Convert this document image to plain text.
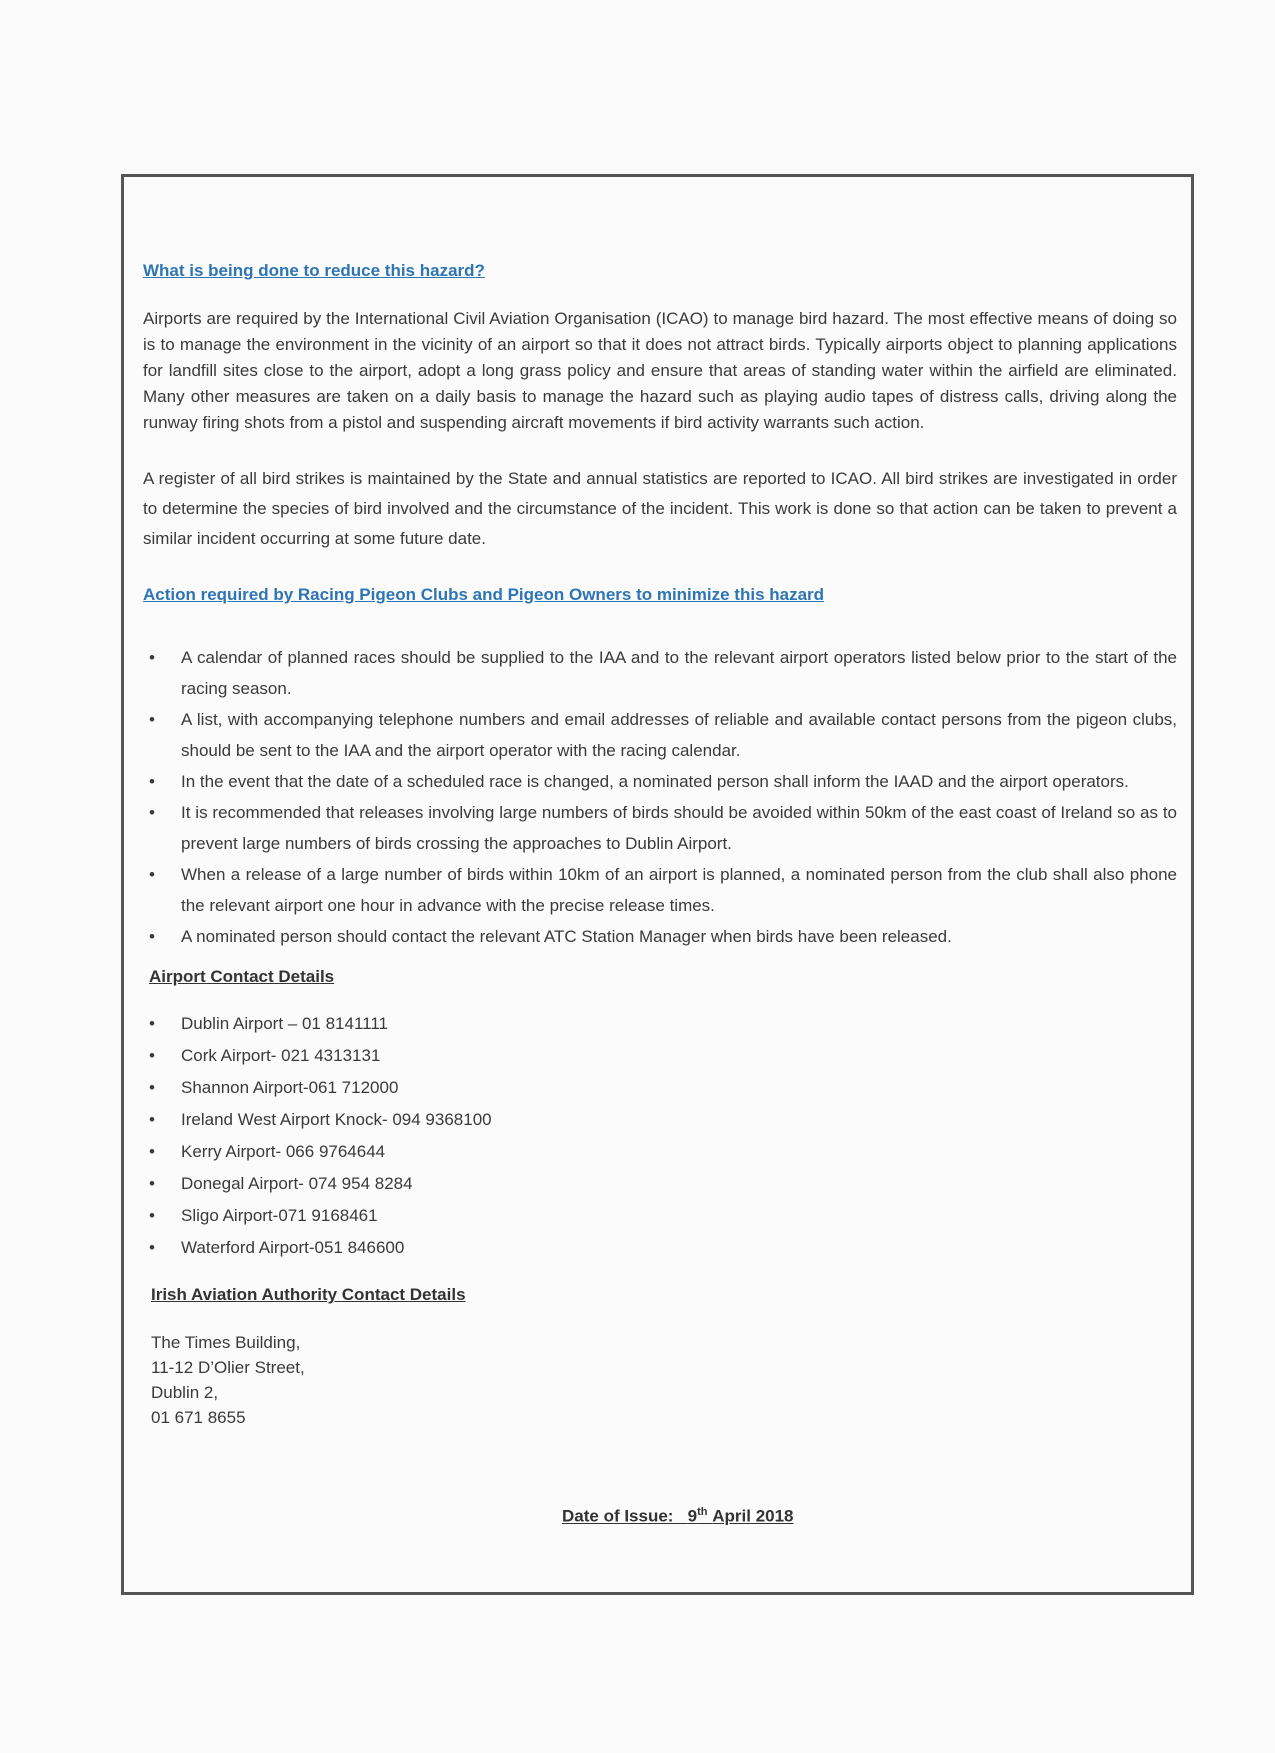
What is being done to reduce this hazard?

Airports are required by the International Civil Aviation Organisation (ICAO) to manage bird hazard. The most effective means of doing so is to manage the environment in the vicinity of an airport so that it does not attract birds. Typically airports object to planning applications for landfill sites close to the airport, adopt a long grass policy and ensure that areas of standing water within the airfield are eliminated. Many other measures are taken on a daily basis to manage the hazard such as playing audio tapes of distress calls, driving along the runway firing shots from a pistol and suspending aircraft movements if bird activity warrants such action.

A register of all bird strikes is maintained by the State and annual statistics are reported to ICAO. All bird strikes are investigated in order to determine the species of bird involved and the circumstance of the incident. This work is done so that action can be taken to prevent a similar incident occurring at some future date.

Action required by Racing Pigeon Clubs and Pigeon Owners to minimize this hazard
• A calendar of planned races should be supplied to the IAA and to the relevant airport operators listed below prior to the start of the racing season.
• A list, with accompanying telephone numbers and email addresses of reliable and available contact persons from the pigeon clubs, should be sent to the IAA and the airport operator with the racing calendar.
• In the event that the date of a scheduled race is changed, a nominated person shall inform the IAAD and the airport operators.
• It is recommended that releases involving large numbers of birds should be avoided within 50km of the east coast of Ireland so as to prevent large numbers of birds crossing the approaches to Dublin Airport.
• When a release of a large number of birds within 10km of an airport is planned, a nominated person from the club shall also phone the relevant airport one hour in advance with the precise release times.
• A nominated person should contact the relevant ATC Station Manager when birds have been released.
Airport Contact Details
• Dublin Airport – 01 8141111
• Cork Airport- 021 4313131
• Shannon Airport-061 712000
• Ireland West Airport Knock- 094 9368100
• Kerry Airport- 066 9764644
• Donegal Airport- 074 954 8284
• Sligo Airport-071 9168461
• Waterford Airport-051 846600
Irish Aviation Authority Contact Details

The Times Building,

11-12 D’Olier Street,

Dublin 2,

01 671 8655

Date of Issue: 9th April 2018
